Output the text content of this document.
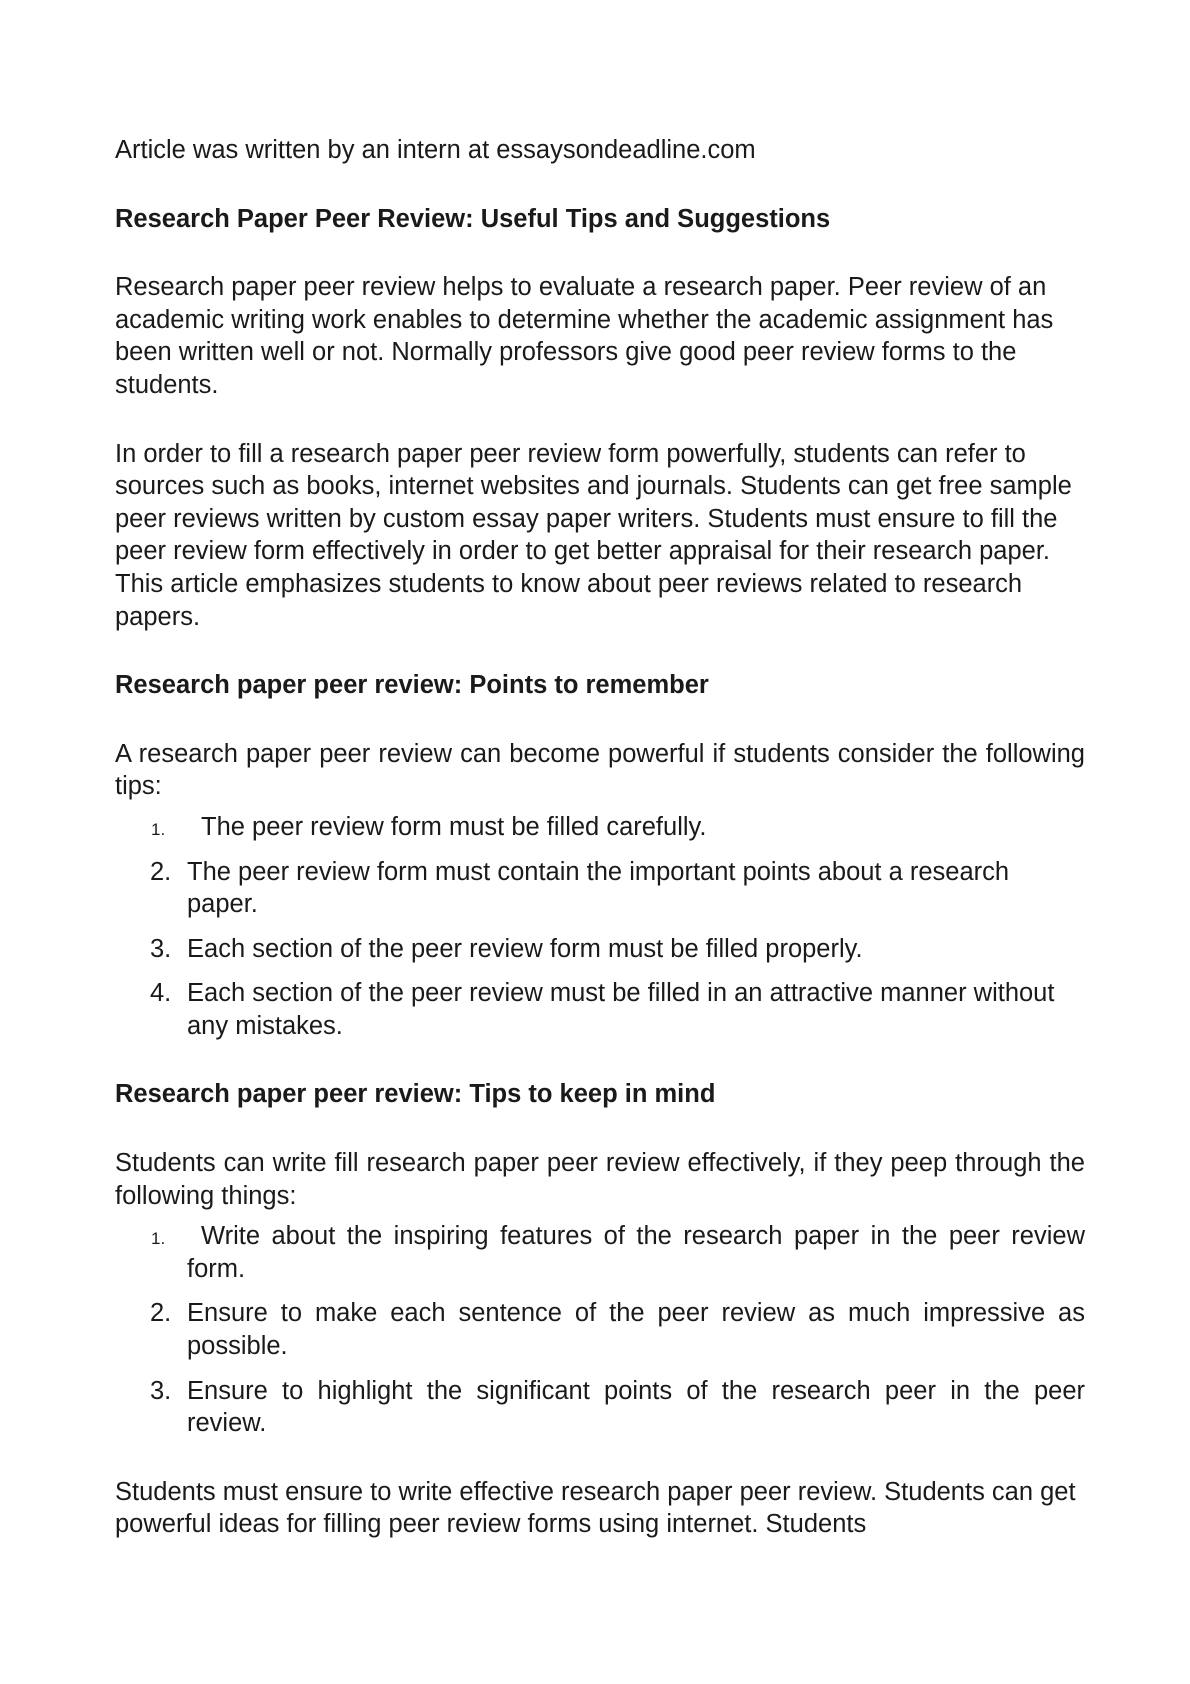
Article was written by an intern at essaysondeadline.com

Research Paper Peer Review: Useful Tips and Suggestions

Research paper peer review helps to evaluate a research paper. Peer review of an academic writing work enables to determine whether the academic assignment has been written well or not. Normally professors give good peer review forms to the students.

In order to fill a research paper peer review form powerfully, students can refer to sources such as books, internet websites and journals. Students can get free sample peer reviews written by custom essay paper writers. Students must ensure to fill the peer review form effectively in order to get better appraisal for their research paper. This article emphasizes students to know about peer reviews related to research papers.

Research paper peer review: Points to remember

A research paper peer review can become powerful if students consider the following tips:

1. The peer review form must be filled carefully.
2. The peer review form must contain the important points about a research paper.
3. Each section of the peer review form must be filled properly.
4. Each section of the peer review must be filled in an attractive manner without any mistakes.
Research paper peer review: Tips to keep in mind

Students can write fill research paper peer review effectively, if they peep through the following things:

1. Write about the inspiring features of the research paper in the peer review form.
2. Ensure to make each sentence of the peer review as much impressive as possible.
3. Ensure to highlight the significant points of the research peer in the peer review.

Students must ensure to write effective research paper peer review. Students can get powerful ideas for filling peer review forms using internet. Students
